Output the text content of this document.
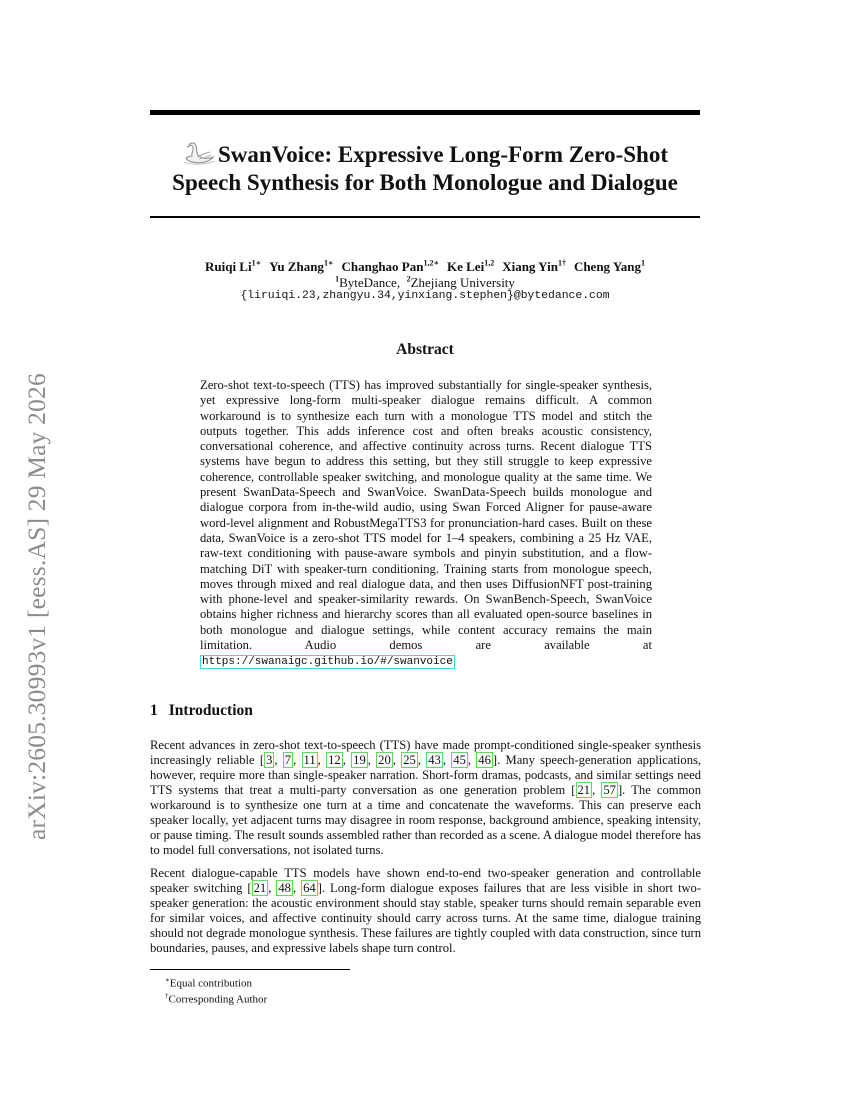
arXiv:2605.30993v1 [eess.AS] 29 May 2026
SwanVoice: Expressive Long-Form Zero-Shot
Speech Synthesis for Both Monologue and Dialogue
Ruiqi $Li^{1∗}$ Yu Zhang$^{1∗}$ Changhao Pan$^{1,2∗}$ Ke Lei$^{1,2}$ Xiang Yin$^{1\dagger}$ Cheng Yang$^1$
$^1$ByteDance, $^2$Zhejiang University
{liruiqi.23,zhangyu.34,yinxiang.stephen}@bytedance.com
Abstract
Zero-shot text-to-speech (TTS) has improved substantially for single-speaker synthesis, yet expressive long-form multi-speaker dialogue remains difficult. A common workaround is to synthesize each turn with a monologue TTS model and stitch the outputs together. This adds inference cost and often breaks acoustic consistency, conversational coherence, and affective continuity across turns. Recent dialogue TTS systems have begun to address this setting, but they still struggle to keep expressive coherence, controllable speaker switching, and monologue quality at the same time. We present SwanData-Speech and SwanVoice. SwanData-Speech builds monologue and dialogue corpora from in-the-wild audio, using Swan Forced Aligner for pause-aware word-level alignment and RobustMegaTTS3 for pronunciation-hard cases. Built on these data, SwanVoice is a zero-shot TTS model for 1–4 speakers, combining a 25 Hz VAE, raw-text conditioning with pause-aware symbols and pinyin substitution, and a flow-matching DiT with speaker-turn conditioning. Training starts from monologue speech, moves through mixed and real dialogue data, and then uses DiffusionNFT post-training with phone-level and speaker-similarity rewards. On SwanBench-Speech, SwanVoice obtains higher richness and hierarchy scores than all evaluated open-source baselines in both monologue and dialogue settings, while content accuracy remains the main limitation. Audio demos are available at https://swanaigc.github.io/#/swanvoice
1 Introduction

Recent advances in zero-shot text-to-speech (TTS) have made prompt-conditioned single-speaker synthesis increasingly reliable [ 3 , 7 , 11 , 12 , 19 , 20 , 25 , 43 , 45 , 46 ]. Many speech-generation applications, however, require more than single-speaker narration. Short-form dramas, podcasts, and similar settings need TTS systems that treat a multi-party conversation as one generation problem [ 21 , 57 ]. The common workaround is to synthesize one turn at a time and concatenate the waveforms. This can preserve each speaker locally, yet adjacent turns may disagree in room response, background ambience, speaking intensity, or pause timing. The result sounds assembled rather than recorded as a scene. A dialogue model therefore has to model full conversations, not isolated turns.

Recent dialogue-capable TTS models have shown end-to-end two-speaker generation and controllable speaker switching [ 21 , 48 , 64 ]. Long-form dialogue exposes failures that are less visible in short two-speaker generation: the acoustic environment should stay stable, speaker turns should remain separable even for similar voices, and affective continuity should carry across turns. At the same time, dialogue training should not degrade monologue synthesis. These failures are tightly coupled with data construction, since turn boundaries, pauses, and expressive labels shape turn control.

∗Equal contribution
†Corresponding Author
